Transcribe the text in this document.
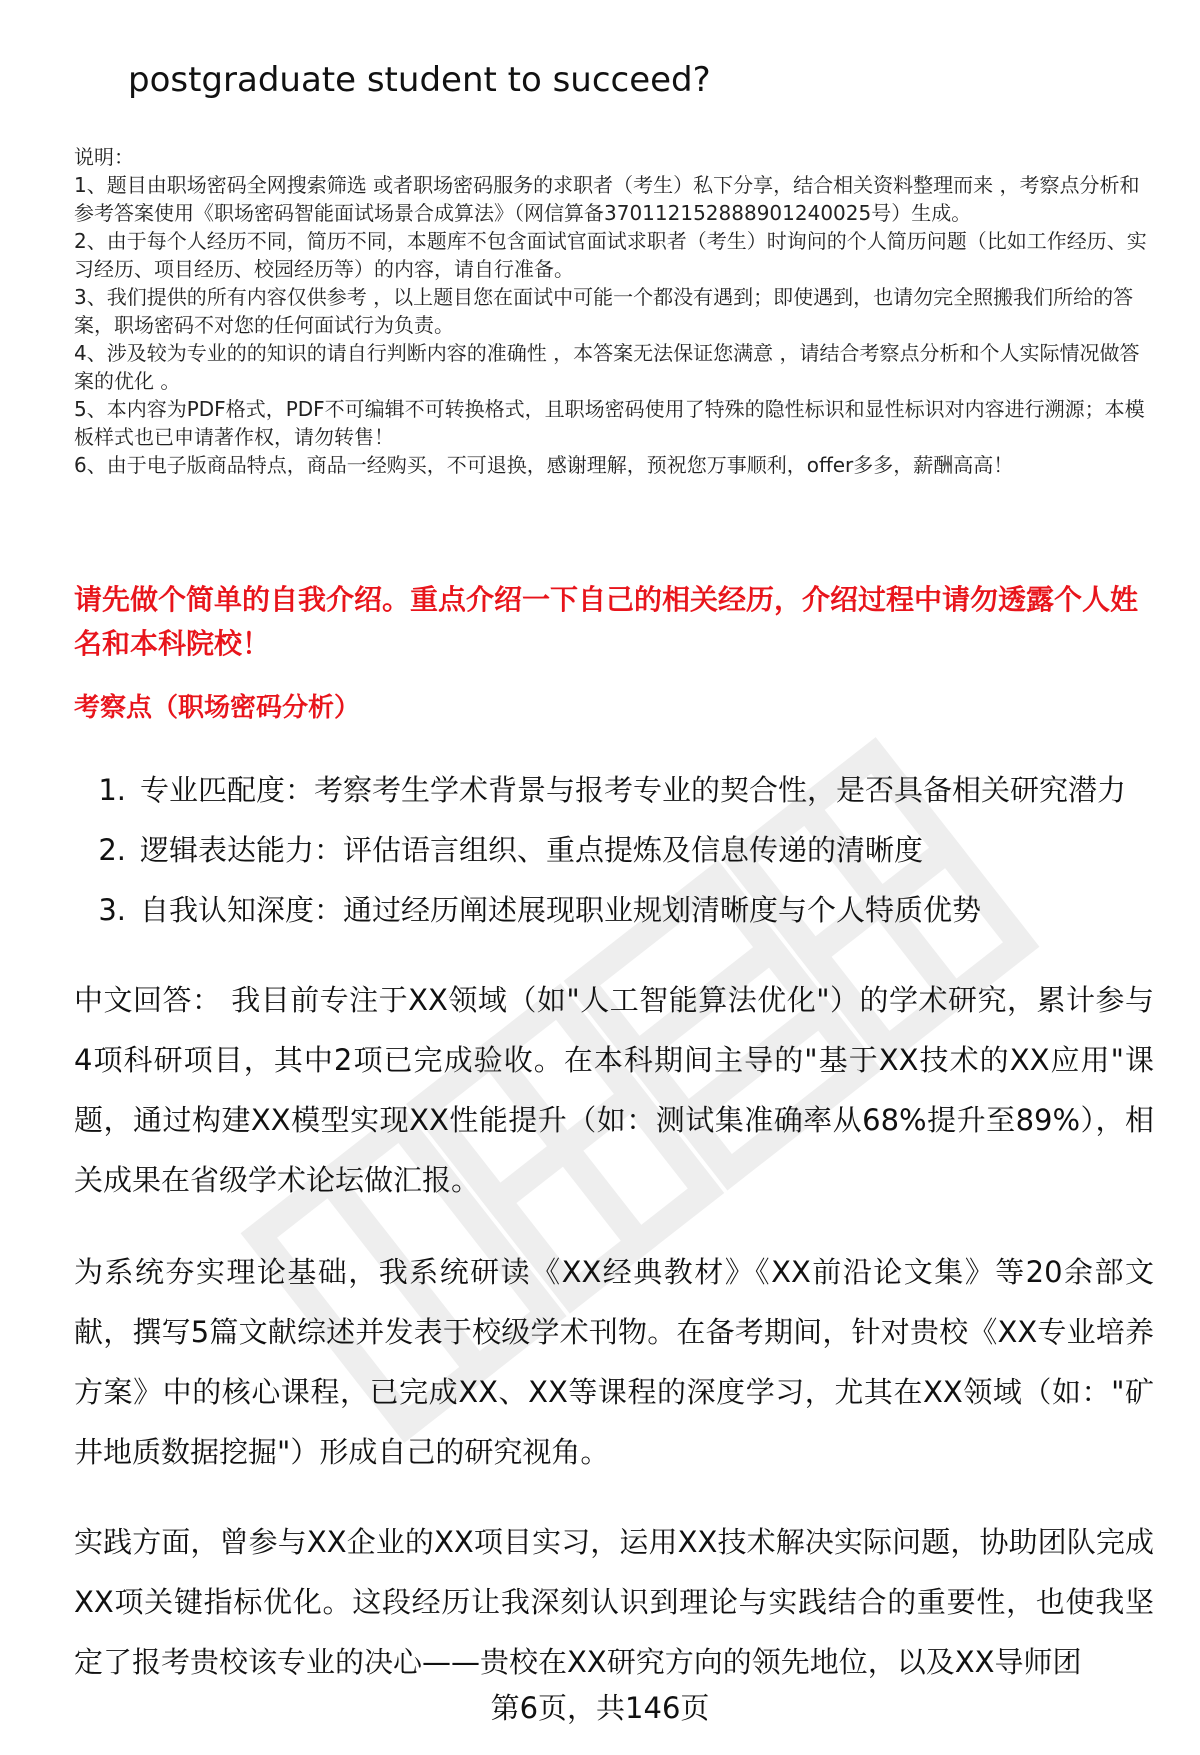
postgraduate student to succeed?

说明：

1、题目由职场密码全网搜索筛选 或者职场密码服务的求职者（考生）私下分享，结合相关资料整理而来 ，考察点分析和参考答案使用《职场密码智能面试场景合成算法》（网信算备370112152888901240025号）生成。

2、由于每个人经历不同，简历不同，本题库不包含面试官面试求职者（考生）时询问的个人简历问题（比如工作经历、实习经历、项目经历、校园经历等）的内容，请自行准备。

3、我们提供的所有内容仅供参考 ，以上题目您在面试中可能一个都没有遇到；即使遇到，也请勿完全照搬我们所给的答案，职场密码不对您的任何面试行为负责。

4、涉及较为专业的的知识的请自行判断内容的准确性 ，本答案无法保证您满意 ，请结合考察点分析和个人实际情况做答案的优化 。

5、本内容为PDF格式，PDF不可编辑不可转换格式，且职场密码使用了特殊的隐性标识和显性标识对内容进行溯源；本模板样式也已申请著作权，请勿转售！

6、由于电子版商品特点，商品一经购买，不可退换，感谢理解，预祝您万事顺利，offer多多，薪酬高高！

请先做个简单的自我介绍。重点介绍一下自己的相关经历，介绍过程中请勿透露个人姓名和本科院校！

考察点（职场密码分析）

1. 专业匹配度：考察考生学术背景与报考专业的契合性，是否具备相关研究潜力
2. 逻辑表达能力：评估语言组织、重点提炼及信息传递的清晰度
3. 自我认知深度：通过经历阐述展现职业规划清晰度与个人特质优势

中文回答： 我目前专注于XX领域（如"人工智能算法优化"）的学术研究，累计参与4项科研项目，其中2项已完成验收。在本科期间主导的"基于XX技术的XX应用"课题，通过构建XX模型实现XX性能提升（如：测试集准确率从68%提升至89%），相关成果在省级学术论坛做汇报。

为系统夯实理论基础，我系统研读《XX经典教材》《XX前沿论文集》等20余部文献，撰写5篇文献综述并发表于校级学术刊物。在备考期间，针对贵校《XX专业培养方案》中的核心课程，已完成XX、XX等课程的深度学习，尤其在XX领域（如："矿井地质数据挖掘"）形成自己的研究视角。

实践方面，曾参与XX企业的XX项目实习，运用XX技术解决实际问题，协助团队完成XX项关键指标优化。这段经历让我深刻认识到理论与实践结合的重要性，也使我坚定了报考贵校该专业的决心——贵校在XX研究方向的领先地位，以及XX导师团

第6页，共146页
